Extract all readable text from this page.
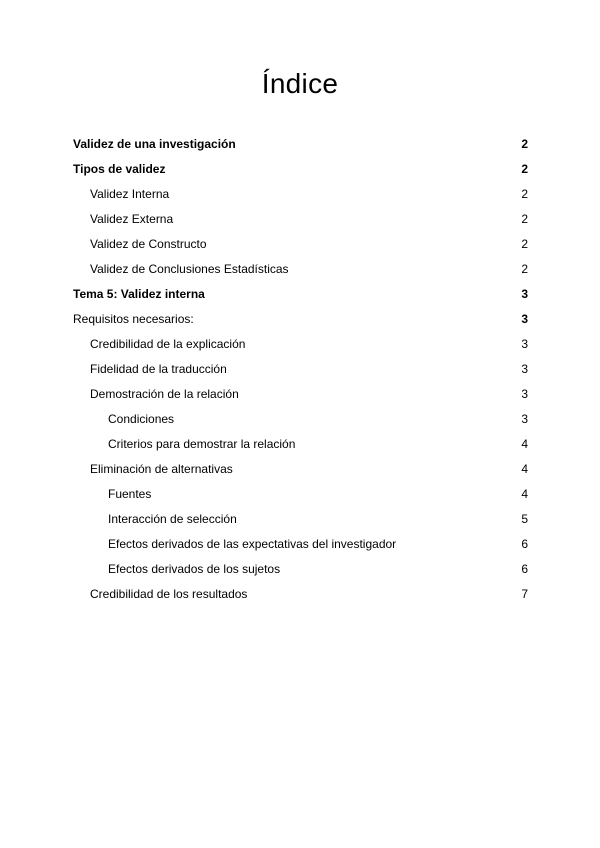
Índice
Validez de una investigación	2
Tipos de validez	2
Validez Interna	2
Validez Externa	2
Validez de Constructo	2
Validez de Conclusiones Estadísticas	2
Tema 5: Validez interna	3
Requisitos necesarios:	3
Credibilidad de la explicación	3
Fidelidad de la traducción	3
Demostración de la relación	3
Condiciones	3
Criterios para demostrar la relación	4
Eliminación de alternativas	4
Fuentes	4
Interacción de selección	5
Efectos derivados de las expectativas del investigador	6
Efectos derivados de los sujetos	6
Credibilidad de los resultados	7
